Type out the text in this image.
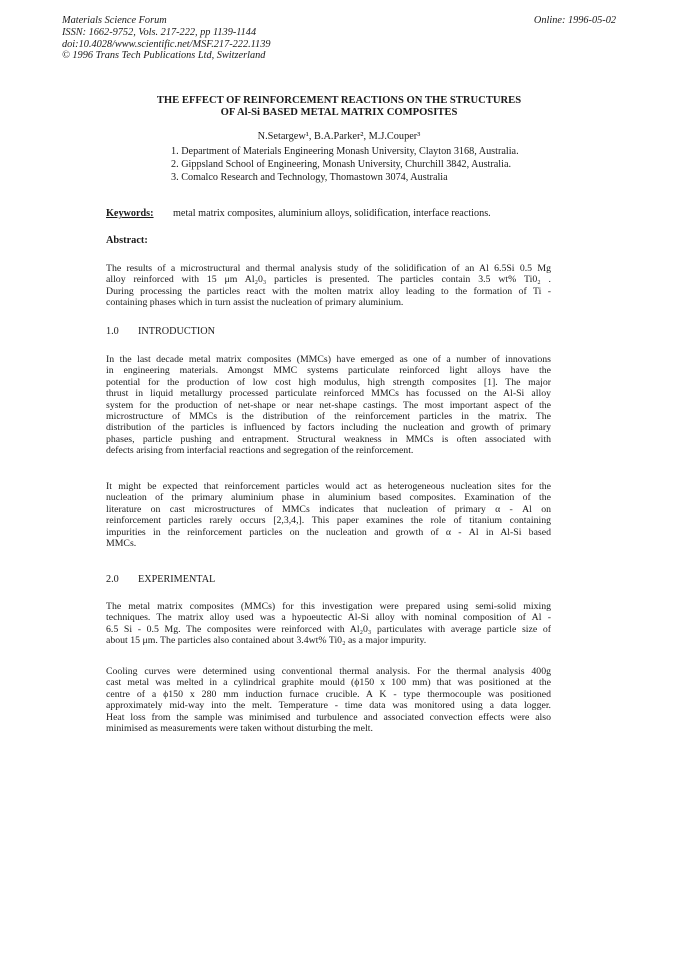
Materials Science Forum
ISSN: 1662-9752, Vols. 217-222, pp 1139-1144
doi:10.4028/www.scientific.net/MSF.217-222.1139
© 1996 Trans Tech Publications Ltd, Switzerland
Online: 1996-05-02
THE EFFECT OF REINFORCEMENT REACTIONS ON THE STRUCTURES
OF Al-Si BASED METAL MATRIX COMPOSITES
N.Setargew¹, B.A.Parker², M.J.Couper³
1. Department of Materials Engineering Monash University, Clayton 3168, Australia.
2. Gippsland School of Engineering, Monash University, Churchill 3842, Australia.
3. Comalco Research and Technology, Thomastown 3074, Australia
Keywords: metal matrix composites, aluminium alloys, solidification, interface reactions.
Abstract:
The results of a microstructural and thermal analysis study of the solidification of an Al 6.5Si 0.5 Mg
alloy reinforced with 15 μm Al₂0₃ particles is presented. The particles contain 3.5 wt% Ti0₂ .
During processing the particles react with the molten matrix alloy leading to the formation of Ti -
containing phases which in turn assist the nucleation of primary aluminium.
1.0 INTRODUCTION
In the last decade metal matrix composites (MMCs) have emerged as one of a number of innovations
in engineering materials. Amongst MMC systems particulate reinforced light alloys have the
potential for the production of low cost high modulus, high strength composites [1]. The major
thrust in liquid metallurgy processed particulate reinforced MMCs has focussed on the Al-Si alloy
system for the production of net-shape or near net-shape castings. The most important aspect of the
microstructure of MMCs is the distribution of the reinforcement particles in the matrix. The
distribution of the particles is influenced by factors including the nucleation and growth of primary
phases, particle pushing and entrapment. Structural weakness in MMCs is often associated with
defects arising from interfacial reactions and segregation of the reinforcement.
It might be expected that reinforcement particles would act as heterogeneous nucleation sites for the
nucleation of the primary aluminium phase in aluminium based composites. Examination of the
literature on cast microstructures of MMCs indicates that nucleation of primary α - Al on
reinforcement particles rarely occurs [2,3,4,]. This paper examines the role of titanium containing
impurities in the reinforcement particles on the nucleation and growth of α - Al in Al-Si based
MMCs.
2.0 EXPERIMENTAL
The metal matrix composites (MMCs) for this investigation were prepared using semi-solid mixing
techniques. The matrix alloy used was a hypoeutectic Al-Si alloy with nominal composition of Al -
6.5 Si - 0.5 Mg. The composites were reinforced with Al₂0₃ particulates with average particle size of
about 15 μm. The particles also contained about 3.4wt% Ti0₂ as a major impurity.
Cooling curves were determined using conventional thermal analysis. For the thermal analysis 400g
cast metal was melted in a cylindrical graphite mould (ϕ150 x 100 mm) that was positioned at the
centre of a ϕ150 x 280 mm induction furnace crucible. A K - type thermocouple was positioned
approximately mid-way into the melt. Temperature - time data was monitored using a data logger.
Heat loss from the sample was minimised and turbulence and associated convection effects were also
minimised as measurements were taken without disturbing the melt.
